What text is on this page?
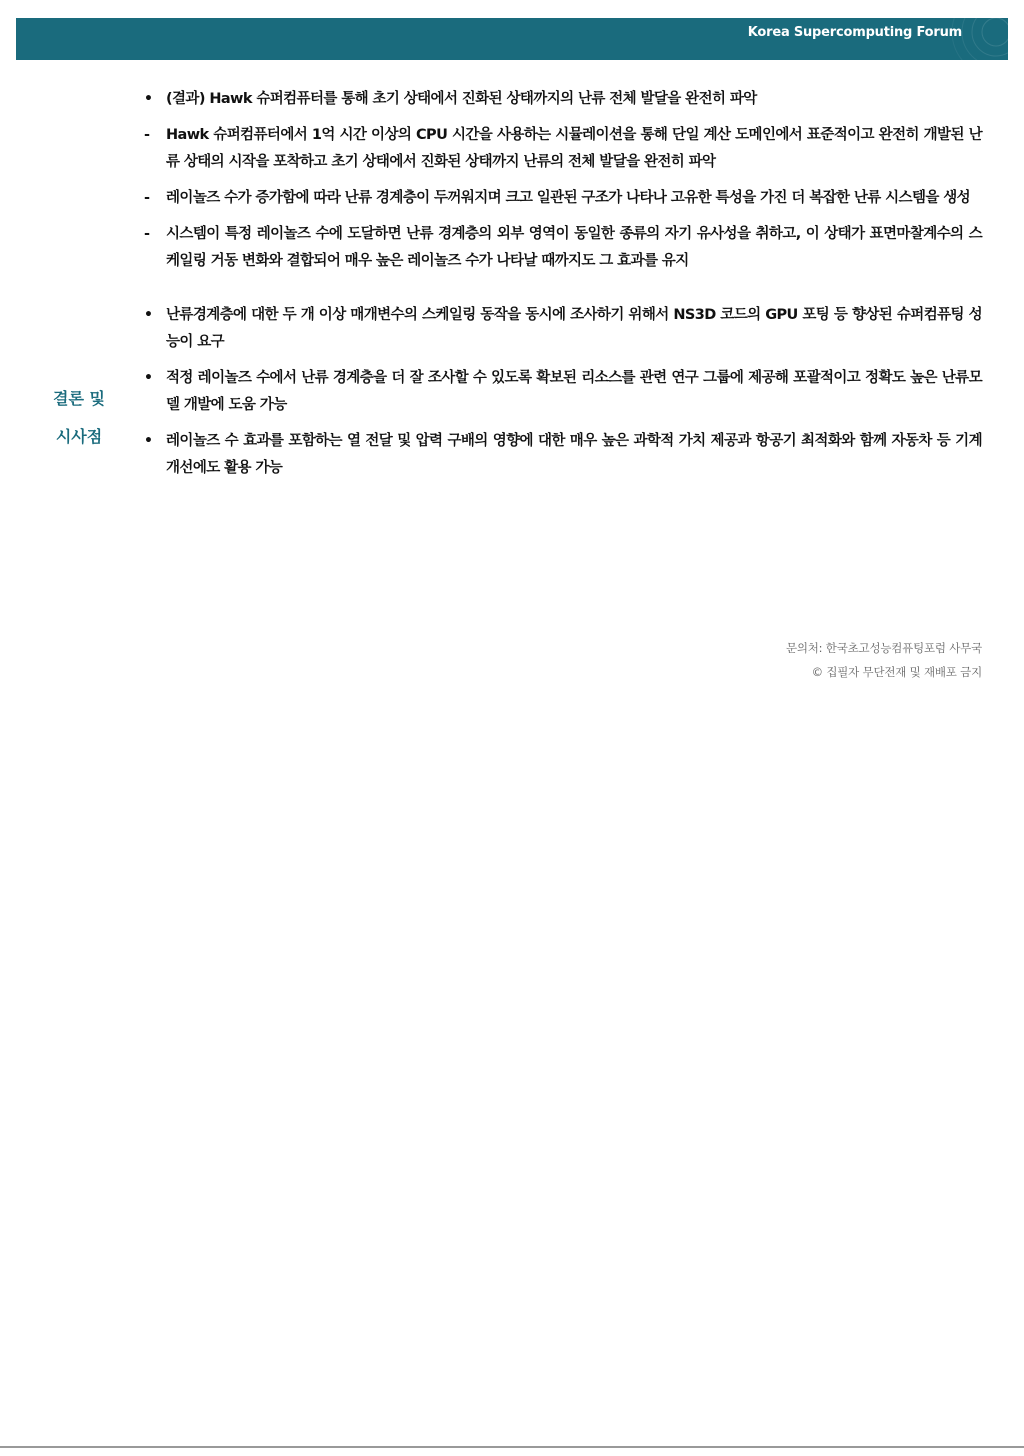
Korea Supercomputing Forum
결론 및
시사점

• (결과) Hawk 슈퍼컴퓨터를 통해 초기 상태에서 진화된 상태까지의 난류 전체 발달을 완전히 파악

- Hawk 슈퍼컴퓨터에서 1억 시간 이상의 CPU 시간을 사용하는 시뮬레이션을 통해 단일 계산 도메인에서 표준적이고 완전히 개발된 난류 상태의 시작을 포착하고 초기 상태에서 진화된 상태까지 난류의 전체 발달을 완전히 파악

- 레이놀즈 수가 증가함에 따라 난류 경계층이 두꺼워지며 크고 일관된 구조가 나타나 고유한 특성을 가진 더 복잡한 난류 시스템을 생성

- 시스템이 특정 레이놀즈 수에 도달하면 난류 경계층의 외부 영역이 동일한 종류의 자기 유사성을 취하고, 이 상태가 표면마찰계수의 스케일링 거동 변화와 결합되어 매우 높은 레이놀즈 수가 나타날 때까지도 그 효과를 유지

• 난류경계층에 대한 두 개 이상 매개변수의 스케일링 동작을 동시에 조사하기 위해서 NS3D 코드의 GPU 포팅 등 향상된 슈퍼컴퓨팅 성능이 요구

• 적정 레이놀즈 수에서 난류 경계층을 더 잘 조사할 수 있도록 확보된 리소스를 관련 연구 그룹에 제공해 포괄적이고 정확도 높은 난류모델 개발에 도움 가능

• 레이놀즈 수 효과를 포함하는 열 전달 및 압력 구배의 영향에 대한 매우 높은 과학적 가치 제공과 항공기 최적화와 함께 자동차 등 기계 개선에도 활용 가능

문의처: 한국초고성능컴퓨팅포럼 사무국
© 집필자 무단전재 및 재배포 금지
